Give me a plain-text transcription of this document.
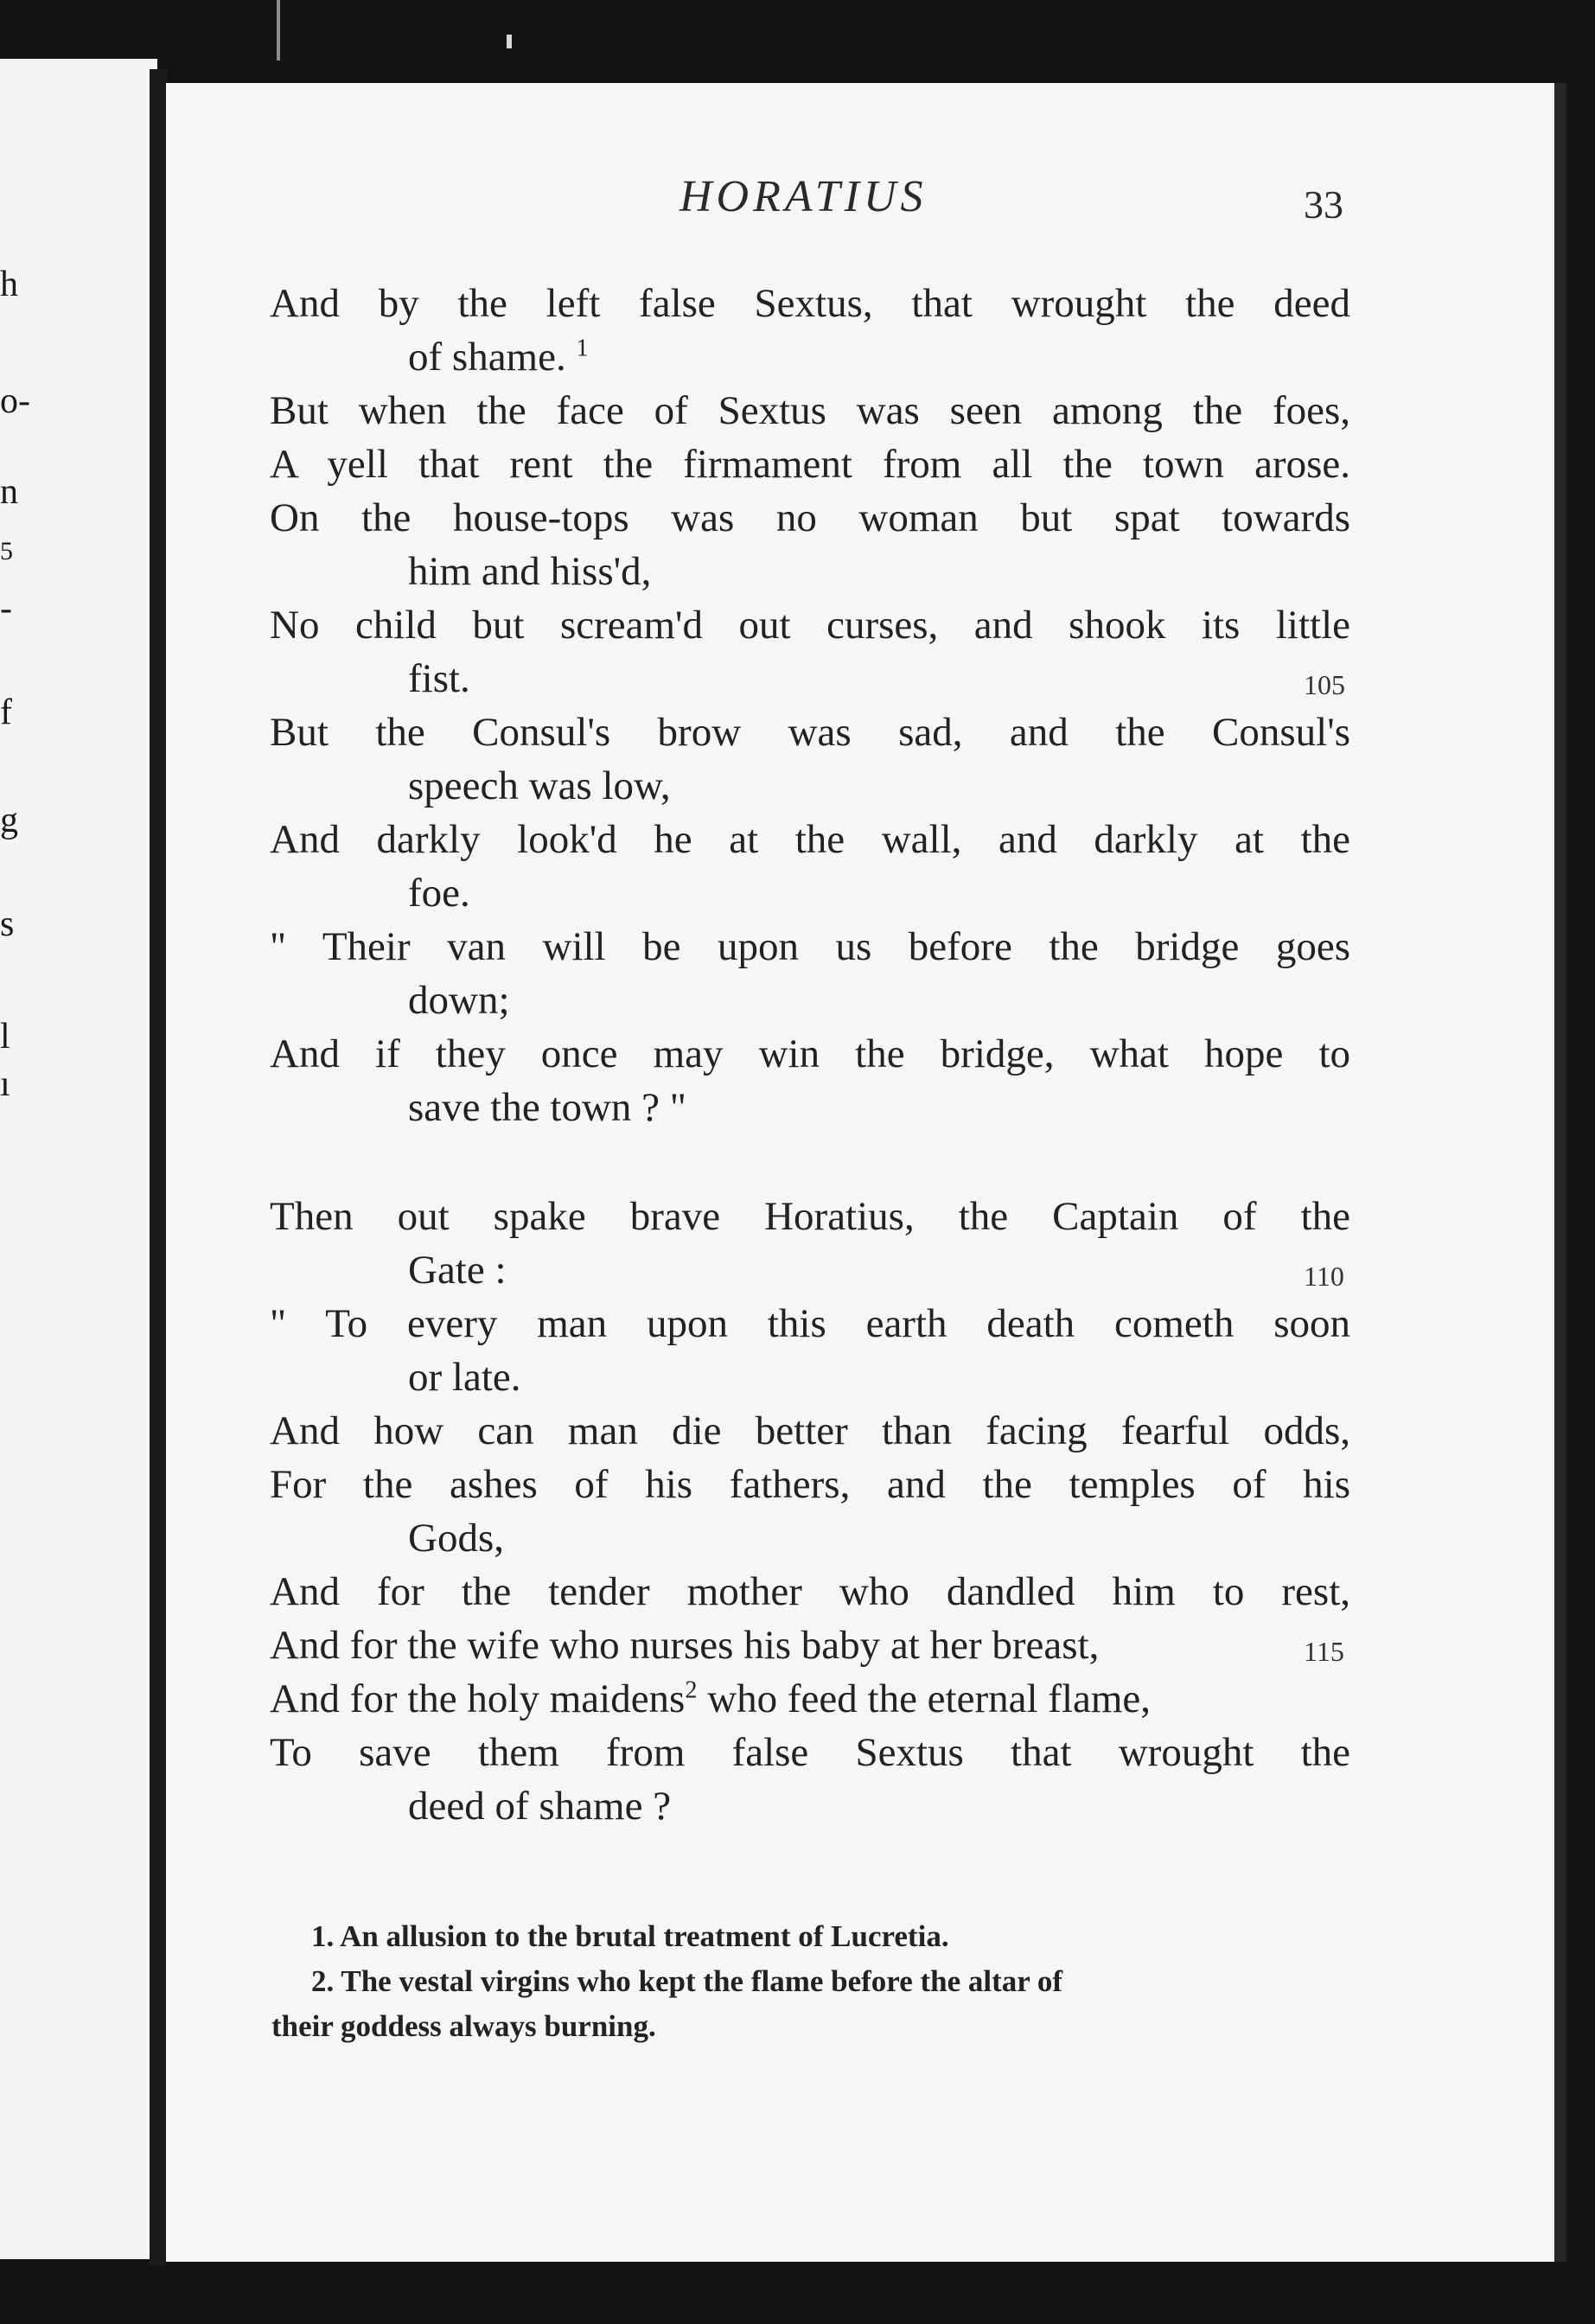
h
o-
n
5
-
f
g
s
l
ı
HORATIUS	33
And by the left false Sextus, that wrought the deed
of shame. $^1$
But when the face of Sextus was seen among the foes,
A yell that rent the firmament from all the town arose.
On the house-tops was no woman but spat towards
him and hiss'd,
No child but scream'd out curses, and shook its little
fist.	105
But the Consul's brow was sad, and the Consul's
speech was low,
And darkly look'd he at the wall, and darkly at the
foe.
" Their van will be upon us before the bridge goes
down;
And if they once may win the bridge, what hope to
save the town ? "
Then out spake brave Horatius, the Captain of the
Gate :	110
" To every man upon this earth death cometh soon
or late.
And how can man die better than facing fearful odds,
For the ashes of his fathers, and the temples of his
Gods,
And for the tender mother who dandled him to rest,
And for the wife who nurses his baby at her breast,	115
And for the holy maidens$^2$ who feed the eternal flame,
To save them from false Sextus that wrought the
deed of shame ?
1. An allusion to the brutal treatment of Lucretia.
2. The vestal virgins who kept the flame before the altar of
their goddess always burning.
